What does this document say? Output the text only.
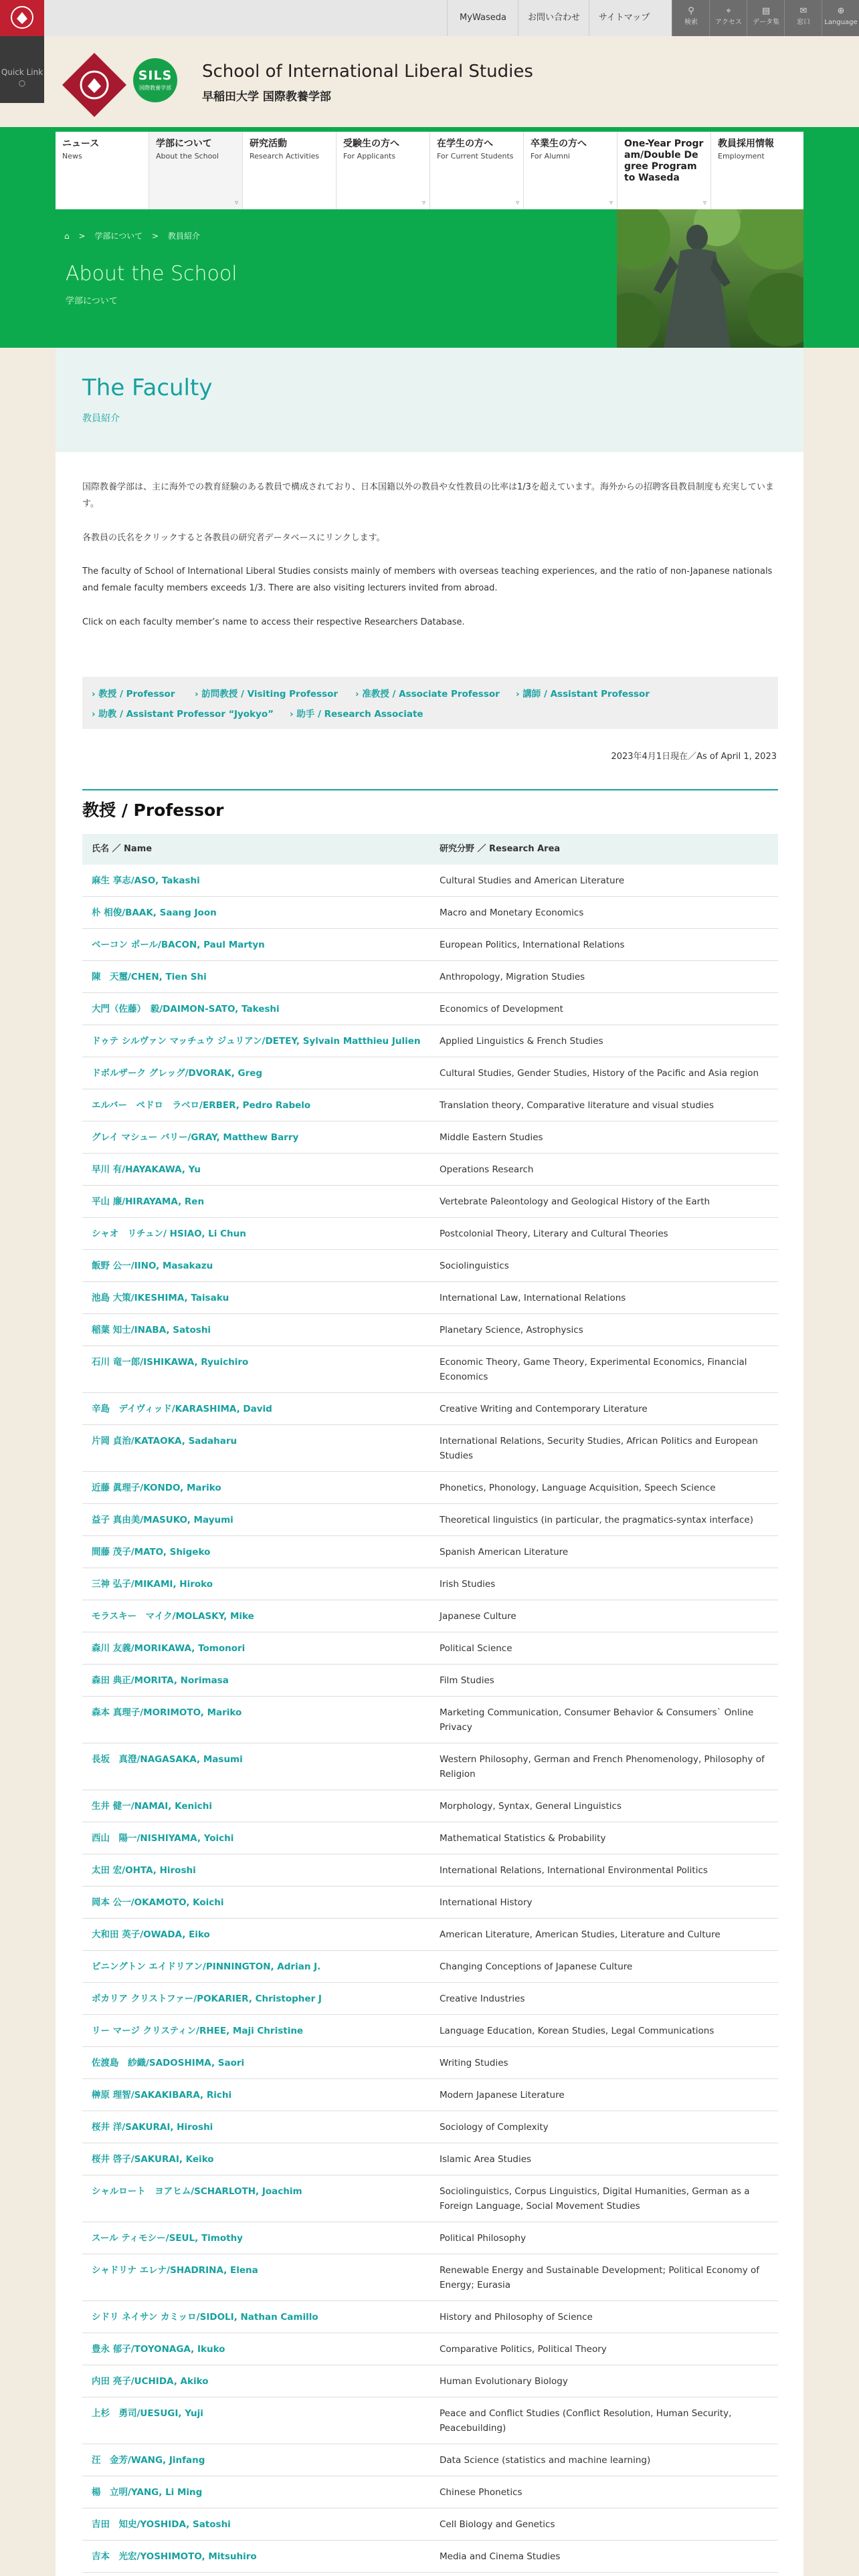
Quick Link
○
MyWaseda	お問い合わせ	サイトマップ
⚲
検索
⌖
アクセス
▤
データ集
✉
窓口
⊕
Language
SILS
国際教養学部
School of International Liberal Studies
早稲田大学 国際教養学部
ニュース
News
学部について
About the School
▿
研究活動
Research Activities
受験生の方へ
For Applicants
▿
在学生の方へ
For Current Students
▿
卒業生の方へ
For Alumni
▿
One-Year Program/Double Degree Program to Waseda
▿
教員採用情報
Employment
⌂ > 学部について > 教員紹介
About the School
学部について
The Faculty
教員紹介
国際教養学部は、主に海外での教育経験のある教員で構成されており、日本国籍以外の教員や女性教員の比率は1/3を超えています。海外からの招聘客員教員制度も充実しています。
各教員の氏名をクリックすると各教員の研究者データベースにリンクします。
The faculty of School of International Liberal Studies consists mainly of members with overseas teaching experiences, and the ratio of non-Japanese nationals and female faculty members exceeds 1/3. There are also visiting lecturers invited from abroad.
Click on each faculty member’s name to access their respective Researchers Database.
› 教授 / Professor › 訪問教授 / Visiting Professor › 准教授 / Associate Professor › 講師 / Assistant Professor
› 助教 / Assistant Professor “Jyokyo” › 助手 / Research Associate
2023年4月1日現在／As of April 1, 2023
教授 / Professor
氏名 ／ Name	研究分野 ／ Research Area
麻生 享志/ASO, Takashi	Cultural Studies and American Literature
朴 相俊/BAAK, Saang Joon	Macro and Monetary Economics
ベーコン ポール/BACON, Paul Martyn	European Politics, International Relations
陳　天璽/CHEN, Tien Shi	Anthropology, Migration Studies
大門（佐藤）　毅/DAIMON-SATO, Takeshi	Economics of Development
ドゥテ シルヴァン マッチュウ ジュリアン/DETEY, Sylvain Matthieu Julien	Applied Linguistics & French Studies
ドボルザーク グレッグ/DVORAK, Greg	Cultural Studies, Gender Studies, History of the Pacific and Asia region
エルバー　ペドロ　ラベロ/ERBER, Pedro Rabelo	Translation theory, Comparative literature and visual studies
グレイ マシュー バリー/GRAY, Matthew Barry	Middle Eastern Studies
早川 有/HAYAKAWA, Yu	Operations Research
平山 廉/HIRAYAMA, Ren	Vertebrate Paleontology and Geological History of the Earth
シャオ　リチュン/ HSIAO, Li Chun	Postcolonial Theory, Literary and Cultural Theories
飯野 公一/IINO, Masakazu	Sociolinguistics
池島 大策/IKESHIMA, Taisaku	International Law, International Relations
稲葉 知士/INABA, Satoshi	Planetary Science, Astrophysics
石川 竜一郎/ISHIKAWA, Ryuichiro	Economic Theory, Game Theory, Experimental Economics, Financial Economics
辛島　デイヴィッド/KARASHIMA, David	Creative Writing and Contemporary Literature
片岡 貞治/KATAOKA, Sadaharu	International Relations, Security Studies, African Politics and European Studies
近藤 眞理子/KONDO, Mariko	Phonetics, Phonology, Language Acquisition, Speech Science
益子 真由美/MASUKO, Mayumi	Theoretical linguistics (in particular, the pragmatics-syntax interface)
間藤 茂子/MATO, Shigeko	Spanish American Literature
三神 弘子/MIKAMI, Hiroko	Irish Studies
モラスキー　マイク/MOLASKY, Mike	Japanese Culture
森川 友義/MORIKAWA, Tomonori	Political Science
森田 典正/MORITA, Norimasa	Film Studies
森本 真理子/MORIMOTO, Mariko	Marketing Communication, Consumer Behavior & Consumers` Online Privacy
長坂　真澄/NAGASAKA, Masumi	Western Philosophy, German and French Phenomenology, Philosophy of Religion
生井 健一/NAMAI, Kenichi	Morphology, Syntax, General Linguistics
西山　陽一/NISHIYAMA, Yoichi	Mathematical Statistics & Probability
太田 宏/OHTA, Hiroshi	International Relations, International Environmental Politics
岡本 公一/OKAMOTO, Koichi	International History
大和田 英子/OWADA, Eiko	American Literature, American Studies, Literature and Culture
ピニングトン エイドリアン/PINNINGTON, Adrian J.	Changing Conceptions of Japanese Culture
ポカリア クリストファー/POKARIER, Christopher J	Creative Industries
リー マージ クリスティン/RHEE, Maji Christine	Language Education, Korean Studies, Legal Communications
佐渡島　紗織/SADOSHIMA, Saori	Writing Studies
榊原 理智/SAKAKIBARA, Richi	Modern Japanese Literature
桜井 洋/SAKURAI, Hiroshi	Sociology of Complexity
桜井 啓子/SAKURAI, Keiko	Islamic Area Studies
シャルロート　ヨアヒム/SCHARLOTH, Joachim	Sociolinguistics, Corpus Linguistics, Digital Humanities, German as a Foreign Language, Social Movement Studies
スール ティモシー/SEUL, Timothy	Political Philosophy
シャドリナ エレナ/SHADRINA, Elena	Renewable Energy and Sustainable Development; Political Economy of Energy; Eurasia
シドリ ネイサン カミッロ/SIDOLI, Nathan Camillo	History and Philosophy of Science
豊永 郁子/TOYONAGA, Ikuko	Comparative Politics, Political Theory
内田 亮子/UCHIDA, Akiko	Human Evolutionary Biology
上杉　勇司/UESUGI, Yuji	Peace and Conflict Studies (Conflict Resolution, Human Security, Peacebuilding)
汪　金芳/WANG, Jinfang	Data Science (statistics and machine learning)
楊　立明/YANG, Li Ming	Chinese Phonetics
吉田　知史/YOSHIDA, Satoshi	Cell Biology and Genetics
吉本　光宏/YOSHIMOTO, Mitsuhiro	Media and Cinema Studies
